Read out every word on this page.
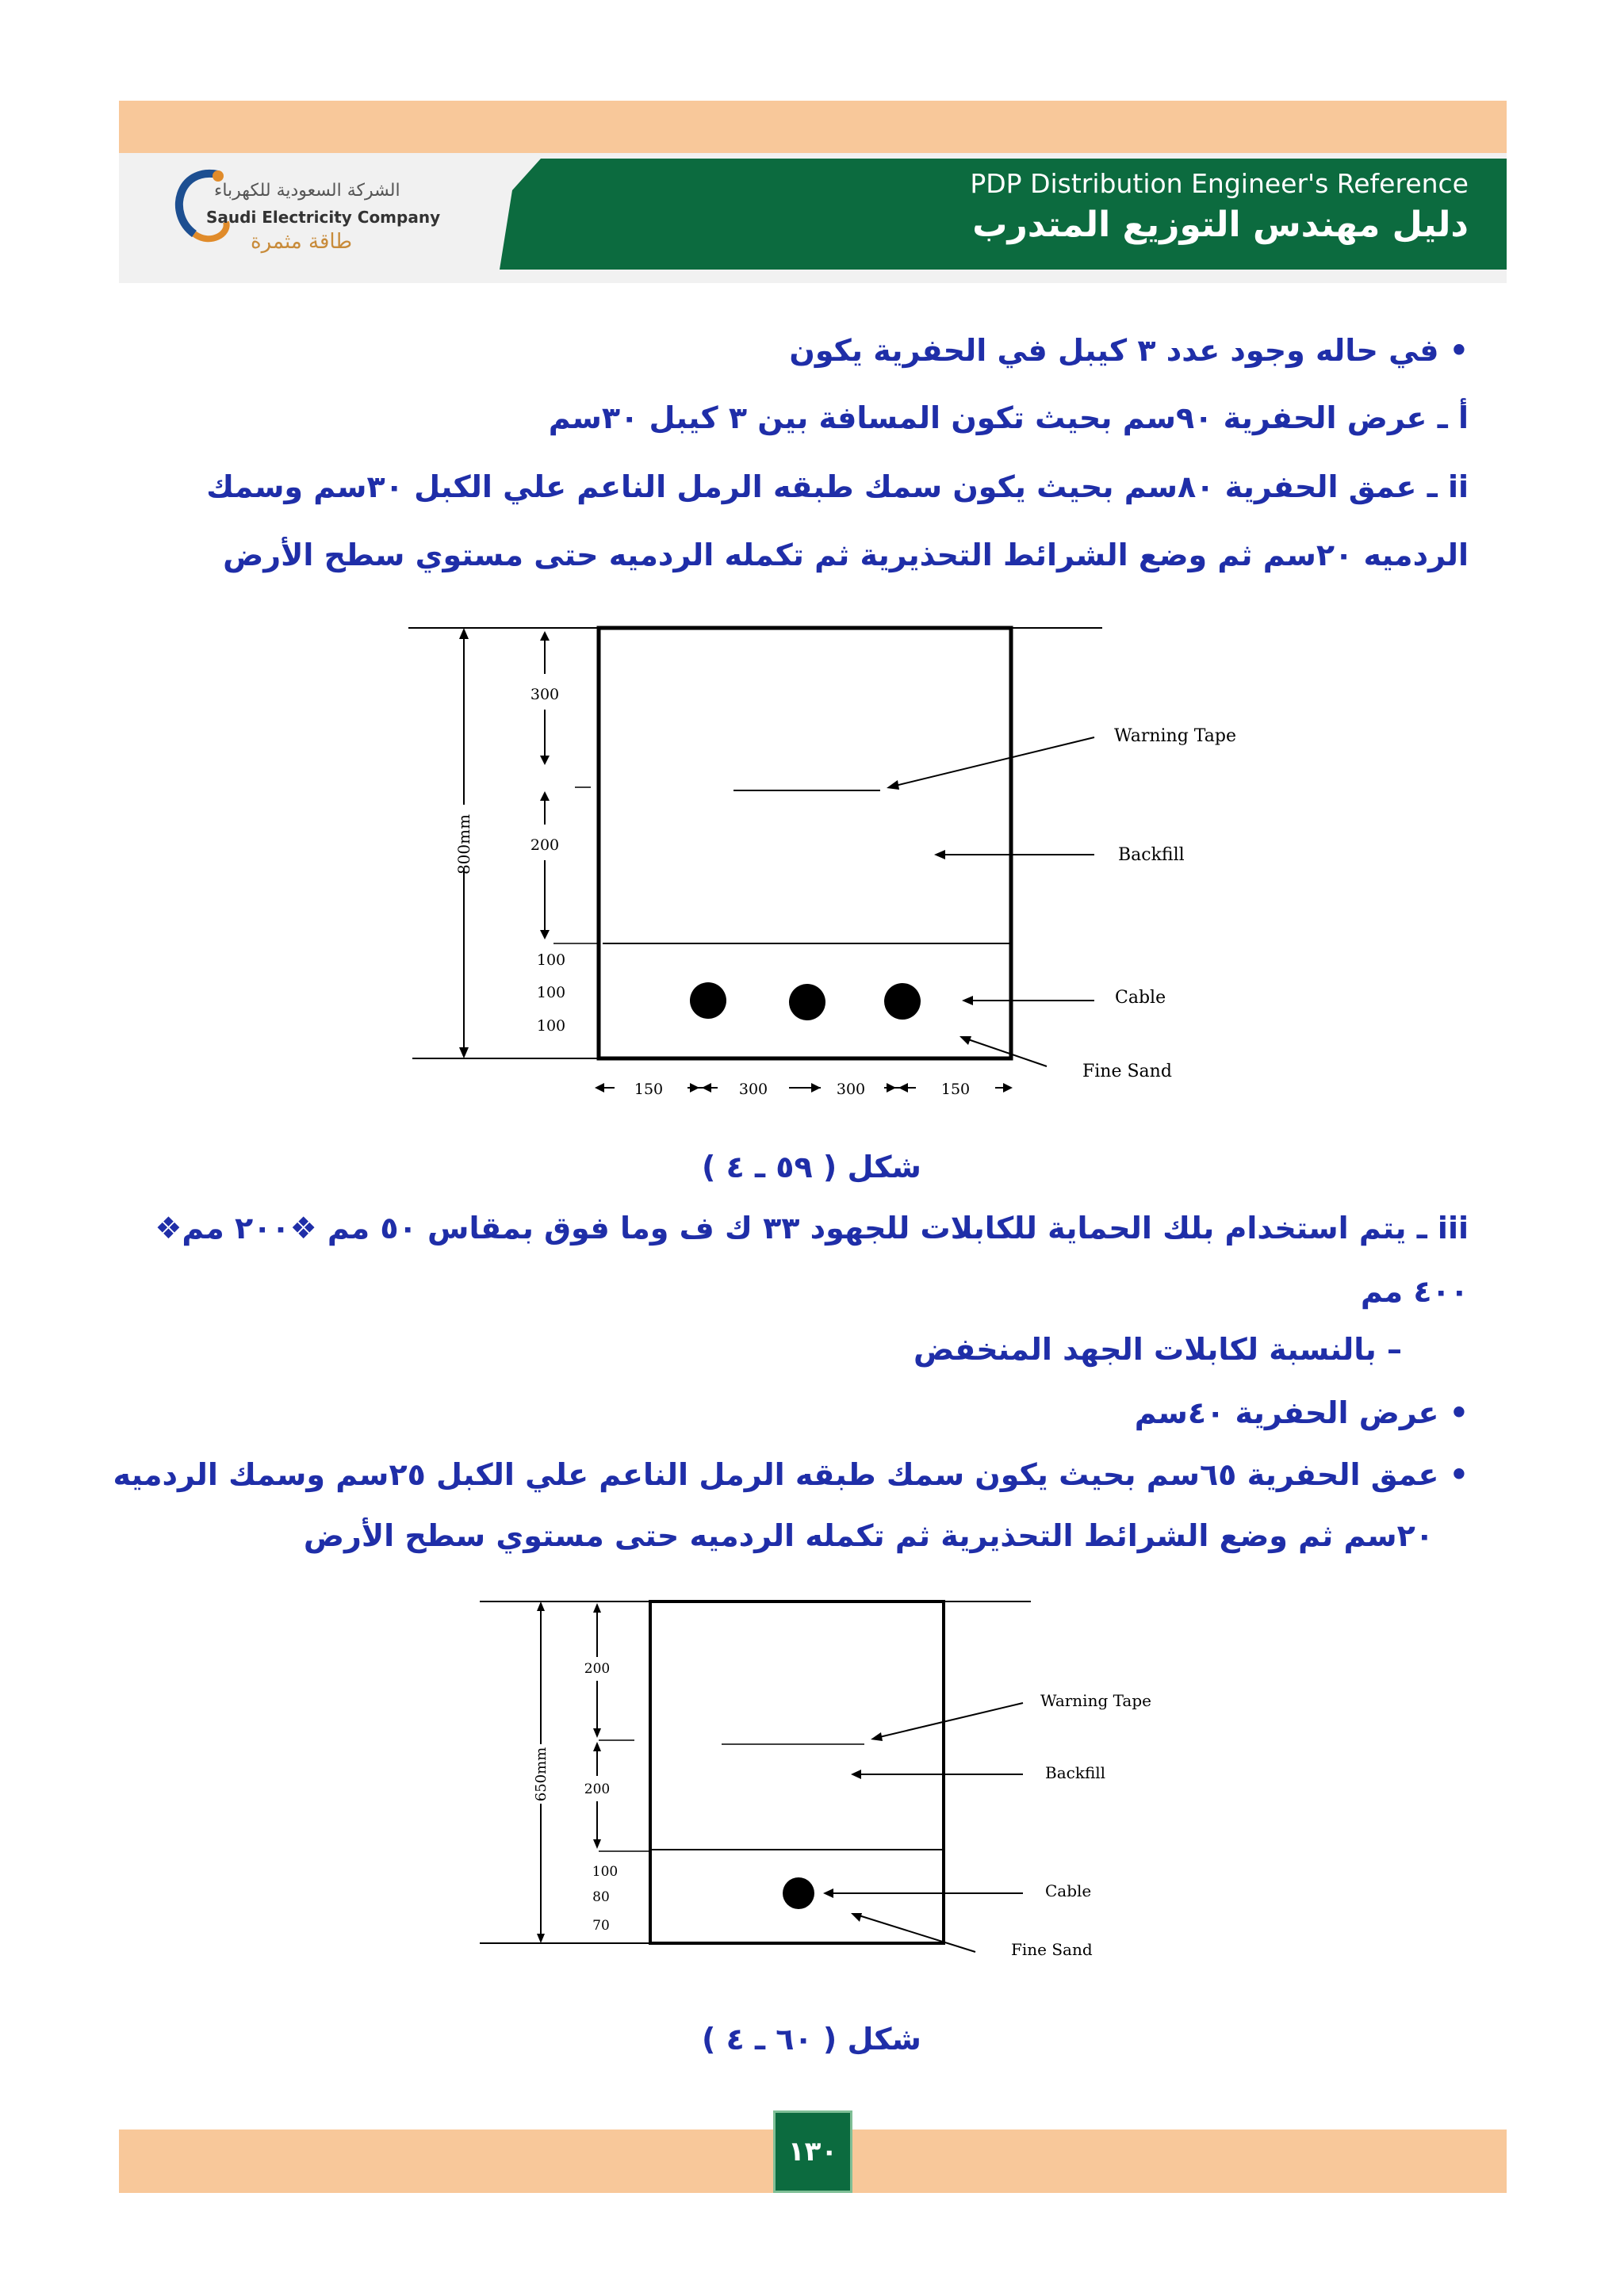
PDP Distribution Engineer's Reference
دليل مهندس التوزيع المتدرب
الشركة السعودية للكهرباء
Saudi Electricity Company
طاقة مثمرة
• في حاله وجود عدد ٣ كيبل في الحفرية يكون
أ ـ عرض الحفرية ٩٠سم بحيث تكون المسافة بين ٣ كيبل ٣٠سم
ii ـ عمق الحفرية ٨٠سم بحيث يكون سمك طبقه الرمل الناعم علي الكبل ٣٠سم وسمك
الردميه ٢٠سم ثم وضع الشرائط التحذيرية ثم تكمله الردميه حتى مستوي سطح الأرض
800mm
300
200
100
100
100
Warning Tape
Backfill
Cable
Fine Sand
150	300	300	150
شكل ( ٥٩ ـ ٤ )
iii ـ يتم استخدام بلك الحماية للكابلات للجهود ٣٣ ك ف وما فوق بمقاس ٥٠ مم ❖٢٠٠ مم❖
٤٠٠ مم
– بالنسبة لكابلات الجهد المنخفض
• عرض الحفرية ٤٠سم
• عمق الحفرية ٦٥سم بحيث يكون سمك طبقه الرمل الناعم علي الكبل ٢٥سم وسمك الردميه
٢٠سم ثم وضع الشرائط التحذيرية ثم تكمله الردميه حتى مستوي سطح الأرض
650mm
200
200
100
80
70
Warning Tape
Backfill
Cable
Fine Sand
شكل ( ٦٠ ـ ٤ )
١٣٠
